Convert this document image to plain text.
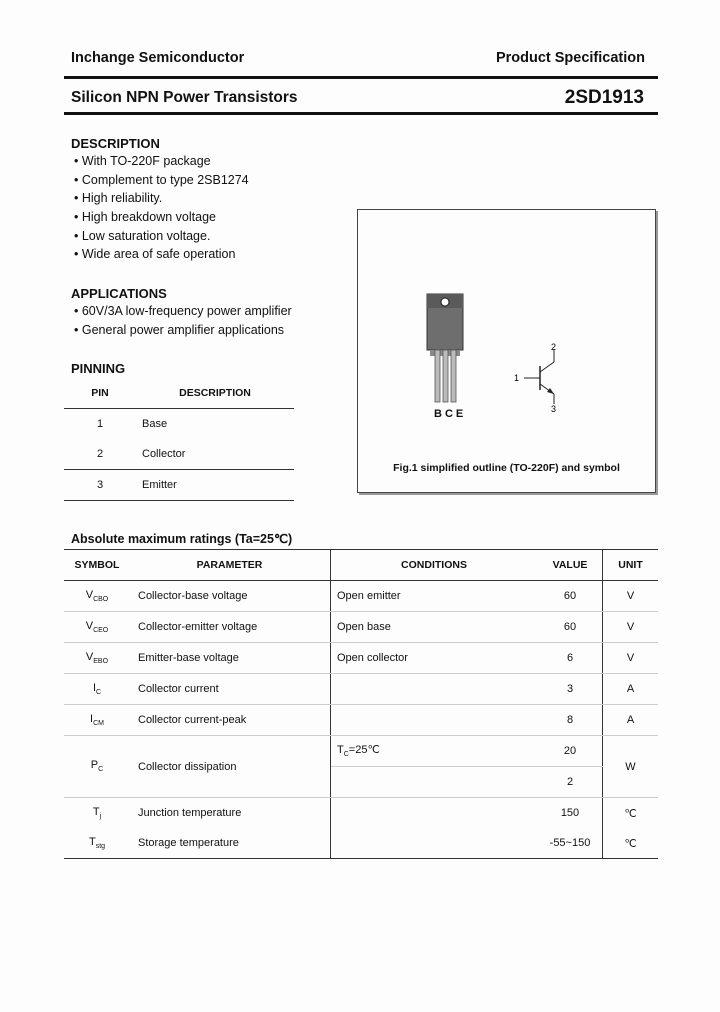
Inchange Semiconductor	Product Specification
Silicon NPN Power Transistors	2SD1913
DESCRIPTION
• With TO-220F package
• Complement to type 2SB1274
• High reliability.
• High breakdown voltage
• Low saturation voltage.
• Wide area of safe operation
APPLICATIONS
• 60V/3A low-frequency power amplifier
• General power amplifier applications
PINNING
PIN	DESCRIPTION
1	Base
2	Collector
3	Emitter
BCE
1
2
3
Fig.1 simplified outline (TO-220F) and symbol
Absolute maximum ratings (Ta=25℃)
SYMBOL	PARAMETER	CONDITIONS	VALUE	UNIT
$V_{CBO}$	Collector-base voltage	Open emitter	60	V
$V_{CEO}$	Collector-emitter voltage	Open base	60	V
$V_{EBO}$	Emitter-base voltage	Open collector	6	V
$I_C$	Collector current		3	A
$I_{CM}$	Collector current-peak		8	A
$P_C$	Collector dissipation	$T_C=25℃$	20	W
			2	
$T_j$	Junction temperature		150	℃
$T_{stg}$	Storage temperature		-55~150	℃
